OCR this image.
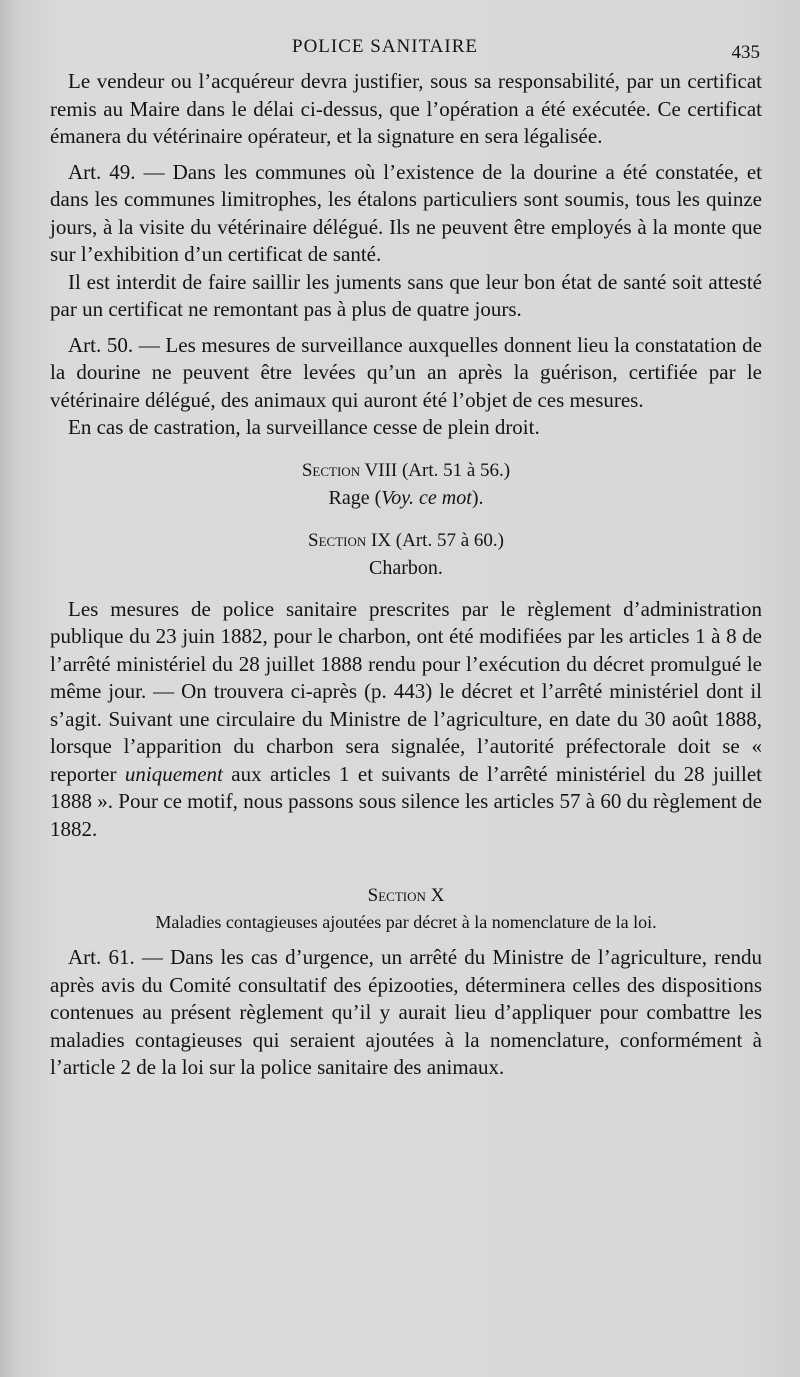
POLICE SANITAIRE	435

Le vendeur ou l’acquéreur devra justifier, sous sa responsabilité, par un certificat remis au Maire dans le délai ci-dessus, que l’opération a été exécutée. Ce certificat émanera du vétérinaire opérateur, et la signature en sera légalisée.

Art. 49. — Dans les communes où l’existence de la dourine a été constatée, et dans les communes limitrophes, les étalons particuliers sont soumis, tous les quinze jours, à la visite du vétérinaire délégué. Ils ne peuvent être employés à la monte que sur l’exhibition d’un certificat de santé.

Il est interdit de faire saillir les juments sans que leur bon état de santé soit attesté par un certificat ne remontant pas à plus de quatre jours.

Art. 50. — Les mesures de surveillance auxquelles donnent lieu la constatation de la dourine ne peuvent être levées qu’un an après la guérison, certifiée par le vétérinaire délégué, des animaux qui auront été l’objet de ces mesures.

En cas de castration, la surveillance cesse de plein droit.

Section VIII (Art. 51 à 56.)
Rage (Voy. ce mot).
Section IX (Art. 57 à 60.)
Charbon.

Les mesures de police sanitaire prescrites par le règlement d’administration publique du 23 juin 1882, pour le charbon, ont été modifiées par les articles 1 à 8 de l’arrêté ministériel du 28 juillet 1888 rendu pour l’exécution du décret promulgué le même jour. — On trouvera ci-après (p. 443) le décret et l’arrêté ministériel dont il s’agit. Suivant une circulaire du Ministre de l’agriculture, en date du 30 août 1888, lorsque l’apparition du charbon sera signalée, l’autorité préfectorale doit se « reporter uniquement aux articles 1 et suivants de l’arrêté ministériel du 28 juillet 1888 ». Pour ce motif, nous passons sous silence les articles 57 à 60 du règlement de 1882.

Section X
Maladies contagieuses ajoutées par décret à la nomenclature de la loi.

Art. 61. — Dans les cas d’urgence, un arrêté du Ministre de l’agriculture, rendu après avis du Comité consultatif des épizooties, déterminera celles des dispositions contenues au présent règlement qu’il y aurait lieu d’appliquer pour combattre les maladies contagieuses qui seraient ajoutées à la nomenclature, conformément à l’article 2 de la loi sur la police sanitaire des animaux.
